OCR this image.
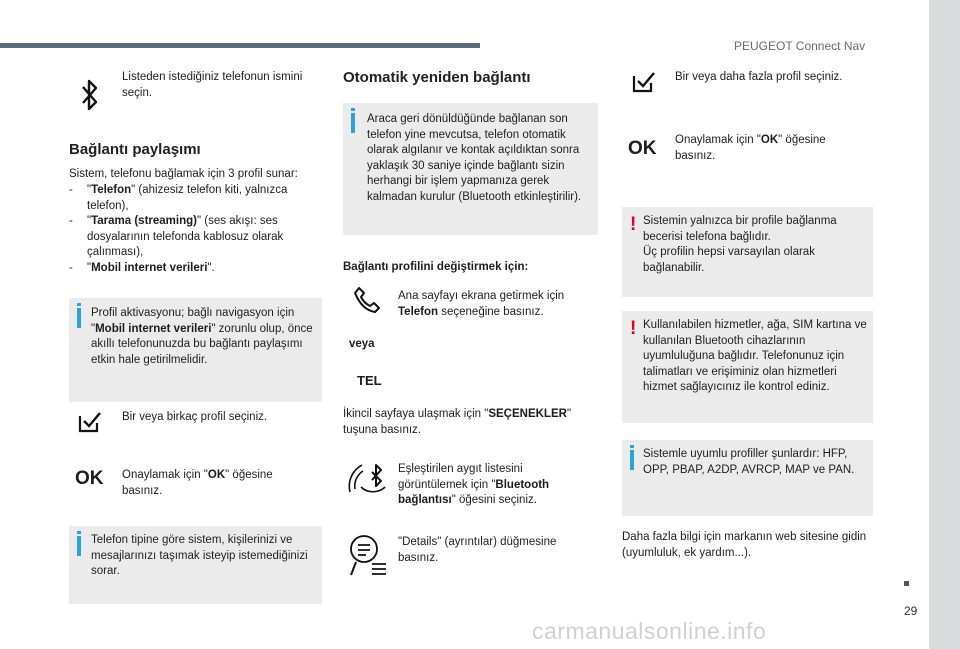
PEUGEOT Connect Nav
29
Listeden istediğiniz telefonun ismini seçin.
Bağlantı paylaşımı
Sistem, telefonu bağlamak için 3 profil sunar:
-	"Telefon" (ahizesiz telefon kiti, yalnızca telefon),
-	"Tarama (streaming)" (ses akışı: ses dosyalarının telefonda kablosuz olarak çalınması),
-	"Mobil internet verileri".
Profil aktivasyonu; bağlı navigasyon için "Mobil internet verileri" zorunlu olup, önce akıllı telefonunuzda bu bağlantı paylaşımı etkin hale getirilmelidir.
Bir veya birkaç profil seçiniz.
OK Onaylamak için "OK" öğesine basınız.
Telefon tipine göre sistem, kişilerinizi ve mesajlarınızı taşımak isteyip istemediğinizi sorar.
Otomatik yeniden bağlantı
Araca geri dönüldüğünde bağlanan son telefon yine mevcutsa, telefon otomatik olarak algılanır ve kontak açıldıktan sonra yaklaşık 30 saniye içinde bağlantı sizin herhangi bir işlem yapmanıza gerek kalmadan kurulur (Bluetooth etkinleştirilir).
Bağlantı profilini değiştirmek için:
Ana sayfayı ekrana getirmek için Telefon seçeneğine basınız.
veya
TEL
İkincil sayfaya ulaşmak için "SEÇENEKLER" tuşuna basınız.
Eşleştirilen aygıt listesini görüntülemek için "Bluetooth bağlantısı" öğesini seçiniz.
"Details" (ayrıntılar) düğmesine basınız.
Bir veya daha fazla profil seçiniz.
OK Onaylamak için "OK" öğesine basınız.
! Sistemin yalnızca bir profile bağlanma becerisi telefona bağlıdır.
Üç profilin hepsi varsayılan olarak bağlanabilir.
! Kullanılabilen hizmetler, ağa, SIM kartına ve kullanılan Bluetooth cihazlarının uyumluluğuna bağlıdır. Telefonunuz için talimatları ve erişiminiz olan hizmetleri hizmet sağlayıcınız ile kontrol ediniz.
Sistemle uyumlu profiller şunlardır: HFP, OPP, PBAP, A2DP, AVRCP, MAP ve PAN.
Daha fazla bilgi için markanın web sitesine gidin (uyumluluk, ek yardım...).
carmanualsonline.info
